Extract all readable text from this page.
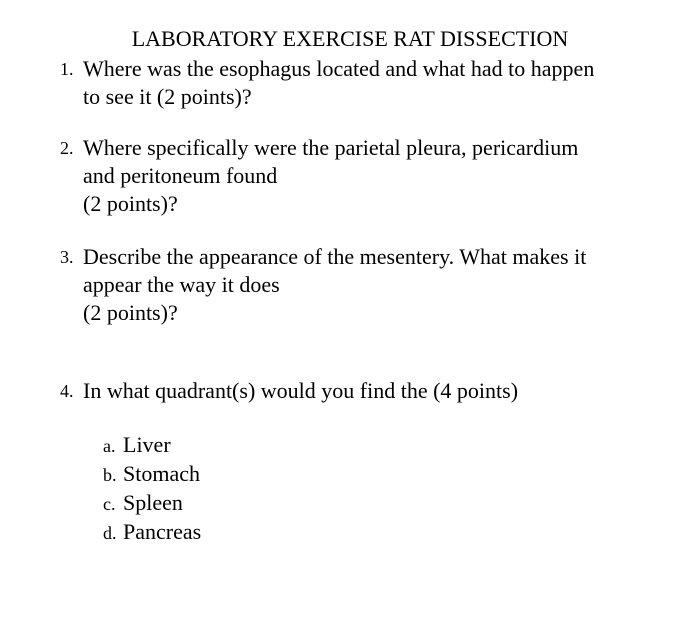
LABORATORY EXERCISE RAT DISSECTION
1. Where was the esophagus located and what had to happen
to see it (2 points)?
2. Where specifically were the parietal pleura, pericardium
and peritoneum found
(2 points)?
3. Describe the appearance of the mesentery. What makes it
appear the way it does
(2 points)?
4. In what quadrant(s) would you find the (4 points)
a. Liver
b. Stomach
c. Spleen
d. Pancreas
